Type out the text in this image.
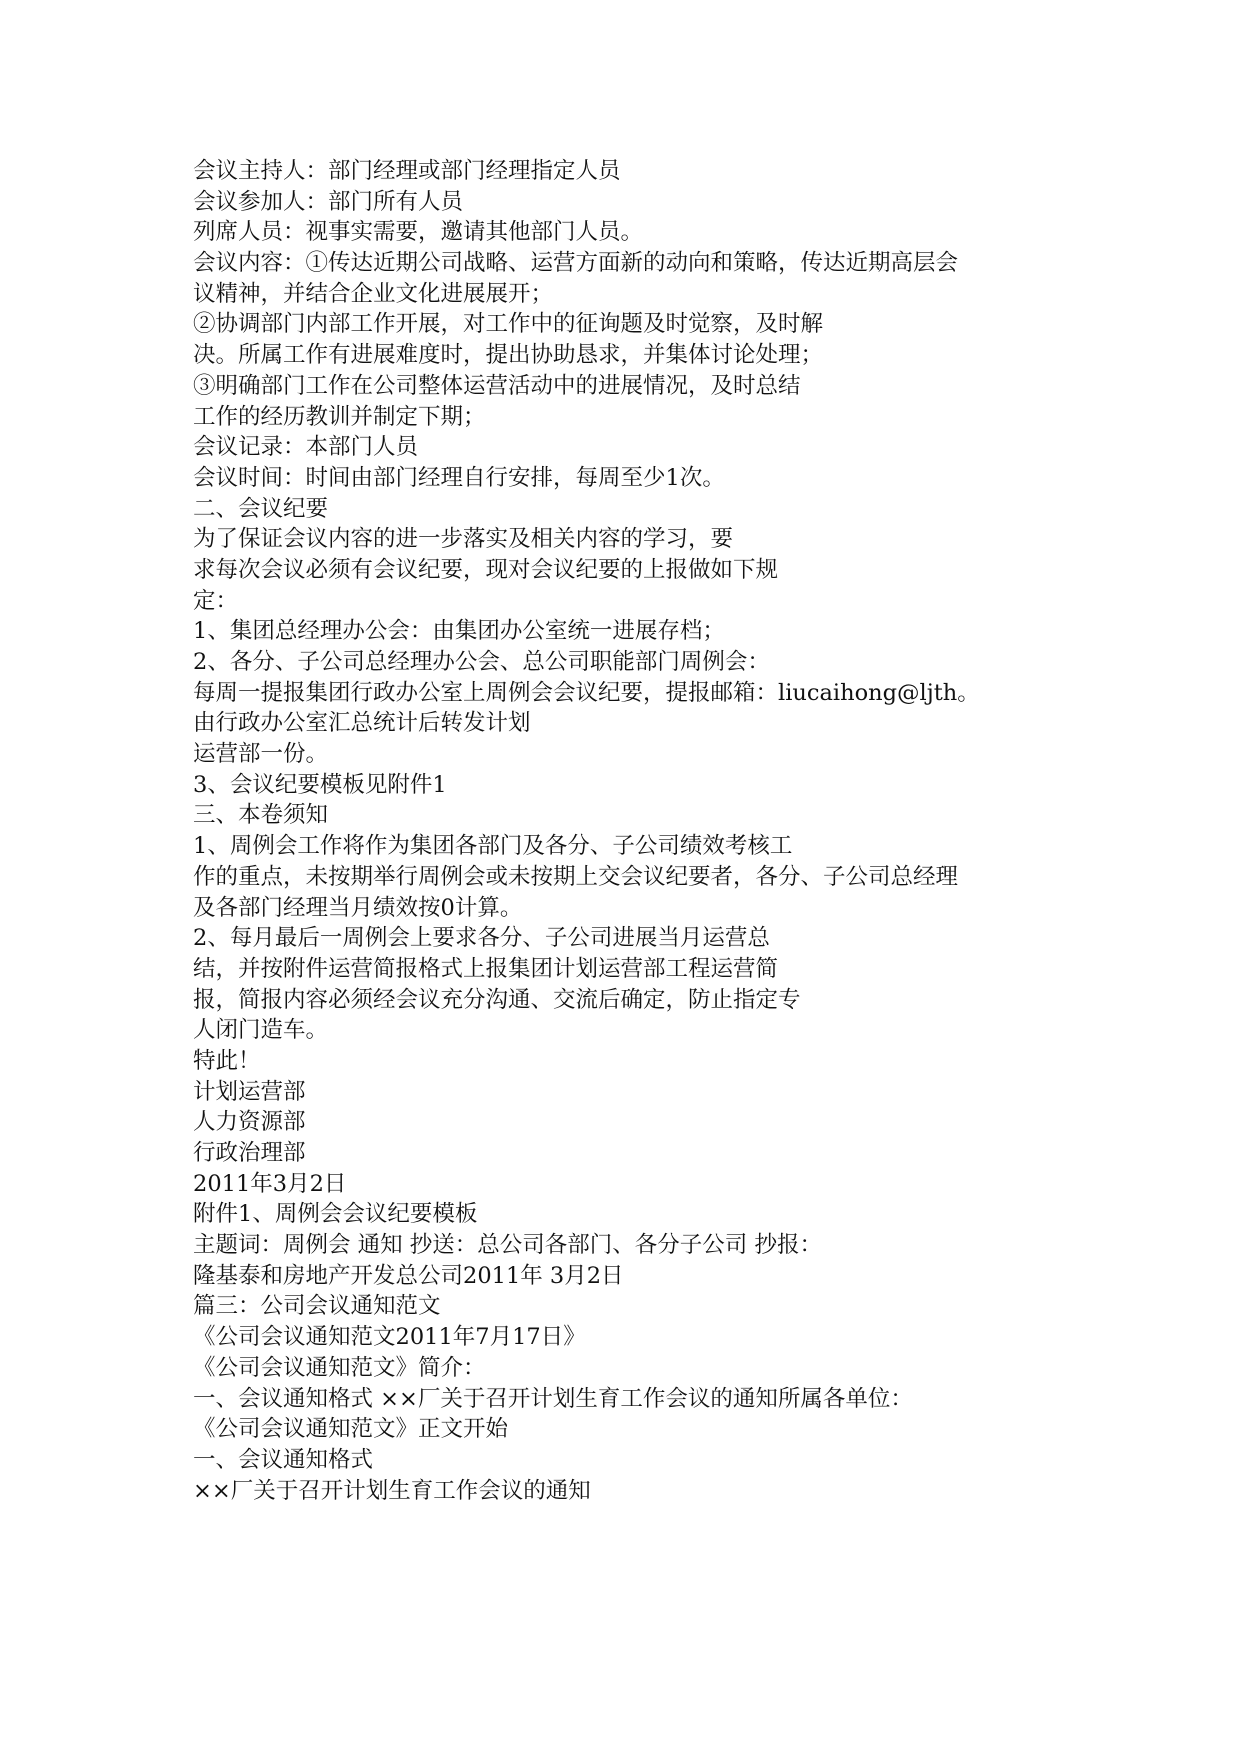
会议主持人：部门经理或部门经理指定人员
会议参加人：部门所有人员
列席人员：视事实需要，邀请其他部门人员。
会议内容：①传达近期公司战略、运营方面新的动向和策略，传达近期高层会
议精神，并结合企业文化进展展开；
②协调部门内部工作开展，对工作中的征询题及时觉察，及时解
决。所属工作有进展难度时，提出协助恳求，并集体讨论处理；
③明确部门工作在公司整体运营活动中的进展情况，及时总结
工作的经历教训并制定下期；
会议记录：本部门人员
会议时间：时间由部门经理自行安排，每周至少1次。
二、会议纪要
为了保证会议内容的进一步落实及相关内容的学习，要
求每次会议必须有会议纪要，现对会议纪要的上报做如下规
定：
1、集团总经理办公会：由集团办公室统一进展存档；
2、各分、子公司总经理办公会、总公司职能部门周例会：
每周一提报集团行政办公室上周例会会议纪要，提报邮箱：liucaihong@ljth。
由行政办公室汇总统计后转发计划
运营部一份。
3、会议纪要模板见附件1
三、本卷须知
1、周例会工作将作为集团各部门及各分、子公司绩效考核工
作的重点，未按期举行周例会或未按期上交会议纪要者，各分、子公司总经理
及各部门经理当月绩效按0计算。
2、每月最后一周例会上要求各分、子公司进展当月运营总
结，并按附件运营简报格式上报集团计划运营部工程运营简
报，简报内容必须经会议充分沟通、交流后确定，防止指定专
人闭门造车。
特此！
计划运营部
人力资源部
行政治理部
2011年3月2日
附件1、周例会会议纪要模板
主题词：周例会 通知 抄送：总公司各部门、各分子公司 抄报：
隆基泰和房地产开发总公司2011年 3月2日
篇三：公司会议通知范文
《公司会议通知范文2011年7月17日》
《公司会议通知范文》简介：
一、会议通知格式 ××厂关于召开计划生育工作会议的通知所属各单位：
《公司会议通知范文》正文开始
一、会议通知格式
××厂关于召开计划生育工作会议的通知
